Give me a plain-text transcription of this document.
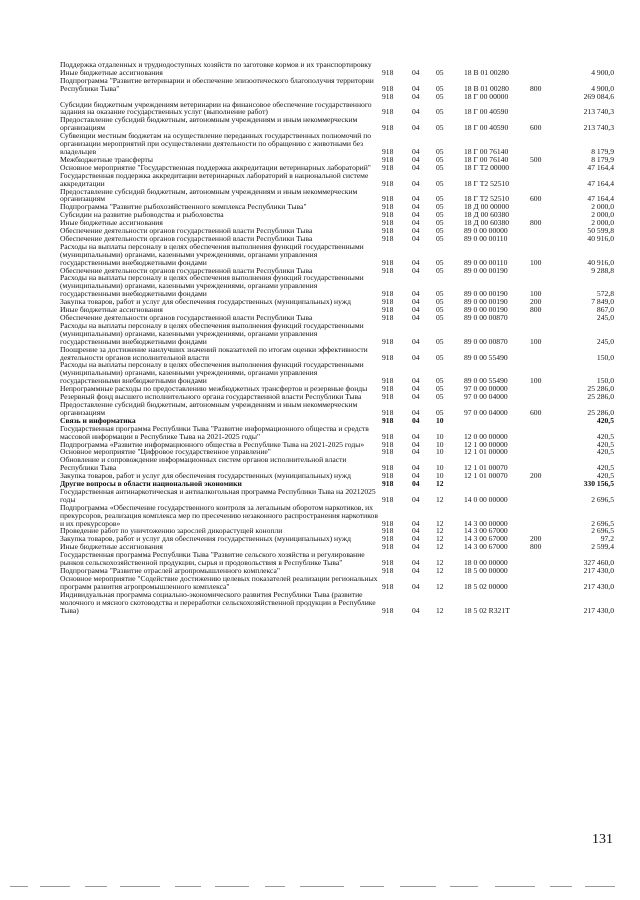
Поддержка отдаленных и труднодоступных хозяйств по заготовке кормов и их транспортировку
Иные бюджетные ассигнования	918	04	05	18 В 01 00280	4 900,0
Подпрограмма "Развитие ветеринарии и обеспечение эпизоотического благополучия территории Республики Тыва"	918	04	05	18 В 01 00280	800	4 900,0
918	04	05	18 Г 00 00000	269 084,6
Субсидии бюджетным учреждениям ветеринарии на финансовое обеспечение государственного задания на оказание государственных услуг (выполнение работ)	918	04	05	18 Г 00 40590	213 740,3
Предоставление субсидий бюджетным, автономным учреждениям и иным некоммерческим организациям	918	04	05	18 Г 00 40590	600	213 740,3
Субвенции местным бюджетам на осуществление переданных государственных полномочий по организации мероприятий при осуществлении деятельности по обращению с животными без владельцев	918	04	05	18 Г 00 76140	8 179,9
Межбюджетные трансферты	918	04	05	18 Г 00 76140	500	8 179,9
Основное мероприятие "Государственная поддержка аккредитации ветеринарных лабораторий"	918	04	05	18 Г Т2 00000	47 164,4
Государственная поддержка аккредитации ветеринарных лабораторий в национальной системе аккредитации	918	04	05	18 Г Т2 52510	47 164,4
Предоставление субсидий бюджетным, автономным учреждениям и иным некоммерческим организациям	918	04	05	18 Г Т2 52510	600	47 164,4
Подпрограмма "Развитие рыбохозяйственного комплекса Республики Тыва"	918	04	05	18 Д 00 00000	2 000,0
Субсидии на развитие рыбоводства и рыболовства	918	04	05	18 Д 00 60380	2 000,0
Иные бюджетные ассигнования	918	04	05	18 Д 00 60380	800	2 000,0
Обеспечение деятельности органов государственной власти Республики Тыва	918	04	05	89 0 00 00000	50 599,8
Обеспечение деятельности органов государственной власти Республики Тыва	918	04	05	89 0 00 00110	40 916,0
Расходы на выплаты персоналу в целях обеспечения выполнения функций государственными (муниципальными) органами, казенными учреждениями, органами управления государственными внебюджетными фондами	918	04	05	89 0 00 00110	100	40 916,0
Обеспечение деятельности органов государственной власти Республики Тыва	918	04	05	89 0 00 00190	9 288,8
Расходы на выплаты персоналу в целях обеспечения выполнения функций государственными (муниципальными) органами, казенными учреждениями, органами управления государственными внебюджетными фондами	918	04	05	89 0 00 00190	100	572,8
Закупка товаров, работ и услуг для обеспечения государственных (муниципальных) нужд	918	04	05	89 0 00 00190	200	7 849,0
Иные бюджетные ассигнования	918	04	05	89 0 00 00190	800	867,0
Обеспечение деятельности органов государственной власти Республики Тыва	918	04	05	89 0 00 00870	245,0
Расходы на выплаты персоналу в целях обеспечения выполнения функций государственными (муниципальными) органами, казенными учреждениями, органами управления государственными внебюджетными фондами	918	04	05	89 0 00 00870	100	245,0
Поощрение за достижение наилучших значений показателей по итогам оценки эффективности деятельности органов исполнительной власти	918	04	05	89 0 00 55490	150,0
Расходы на выплаты персоналу в целях обеспечения выполнения функций государственными (муниципальными) органами, казенными учреждениями, органами управления государственными внебюджетными фондами	918	04	05	89 0 00 55490	100	150,0
Непрограммные расходы по предоставлению межбюджетных трансфертов и резервные фонды	918	04	05	97 0 00 00000	25 286,0
Резервный фонд высшего исполнительного органа государственной власти Республики Тыва	918	04	05	97 0 00 04000	25 286,0
Предоставление субсидий бюджетным, автономным учреждениям и иным некоммерческим организациям	918	04	05	97 0 00 04000	600	25 286,0
Связь и информатика	918	04	10	420,5
Государственная программа Республики Тыва "Развитие информационного общества и средств массовой информации в Республике Тыва на 2021-2025 годы"	918	04	10	12 0 00 00000	420,5
Подпрограмма «Развитие информационного общества в Республике Тыва на 2021-2025 годы»	918	04	10	12 1 00 00000	420,5
Основное мероприятие "Цифровое государственное управление"	918	04	10	12 1 01 00000	420,5
Обновление и сопровождение информационных систем органов исполнительной власти Республики Тыва	918	04	10	12 1 01 00070	420,5
Закупка товаров, работ и услуг для обеспечения государственных (муниципальных) нужд	918	04	10	12 1 01 00070	200	420,5
Другие вопросы в области национальной экономики	918	04	12	330 156,5
Государственная антинаркотическая и антиалкогольная программа Республики Тыва на 20212025 годы	918	04	12	14 0 00 00000	2 696,5
Подпрограмма «Обеспечение государственного контроля за легальным оборотом наркотиков, их прекурсоров, реализация комплекса мер по пресечению незаконного распространения наркотиков и их прекурсоров»	918	04	12	14 3 00 00000	2 696,5
Проведение работ по уничтожению зарослей дикорастущей конопли	918	04	12	14 3 00 67000	2 696,5
Закупка товаров, работ и услуг для обеспечения государственных (муниципальных) нужд	918	04	12	14 3 00 67000	200	97,2
Иные бюджетные ассигнования	918	04	12	14 3 00 67000	800	2 599,4
Государственная программа Республики Тыва "Развитие сельского хозяйства и регулирование рынков сельскохозяйственной продукции, сырья и продовольствия в Республике Тыва"	918	04	12	18 0 00 00000	327 460,0
Подпрограмма "Развитие отраслей агропромышленного комплекса"	918	04	12	18 5 00 00000	217 430,0
Основное мероприятие "Содействие достижению целевых показателей реализации региональных программ развития агропромышленного комплекса"	918	04	12	18 5 02 00000	217 430,0
Индивидуальная программа социально-экономического развития Республики Тыва (развитие молочного и мясного скотоводства и переработки сельскохозяйственной продукции в Республике Тыва)	918	04	12	18 5 02 R321Т	217 430,0
131
